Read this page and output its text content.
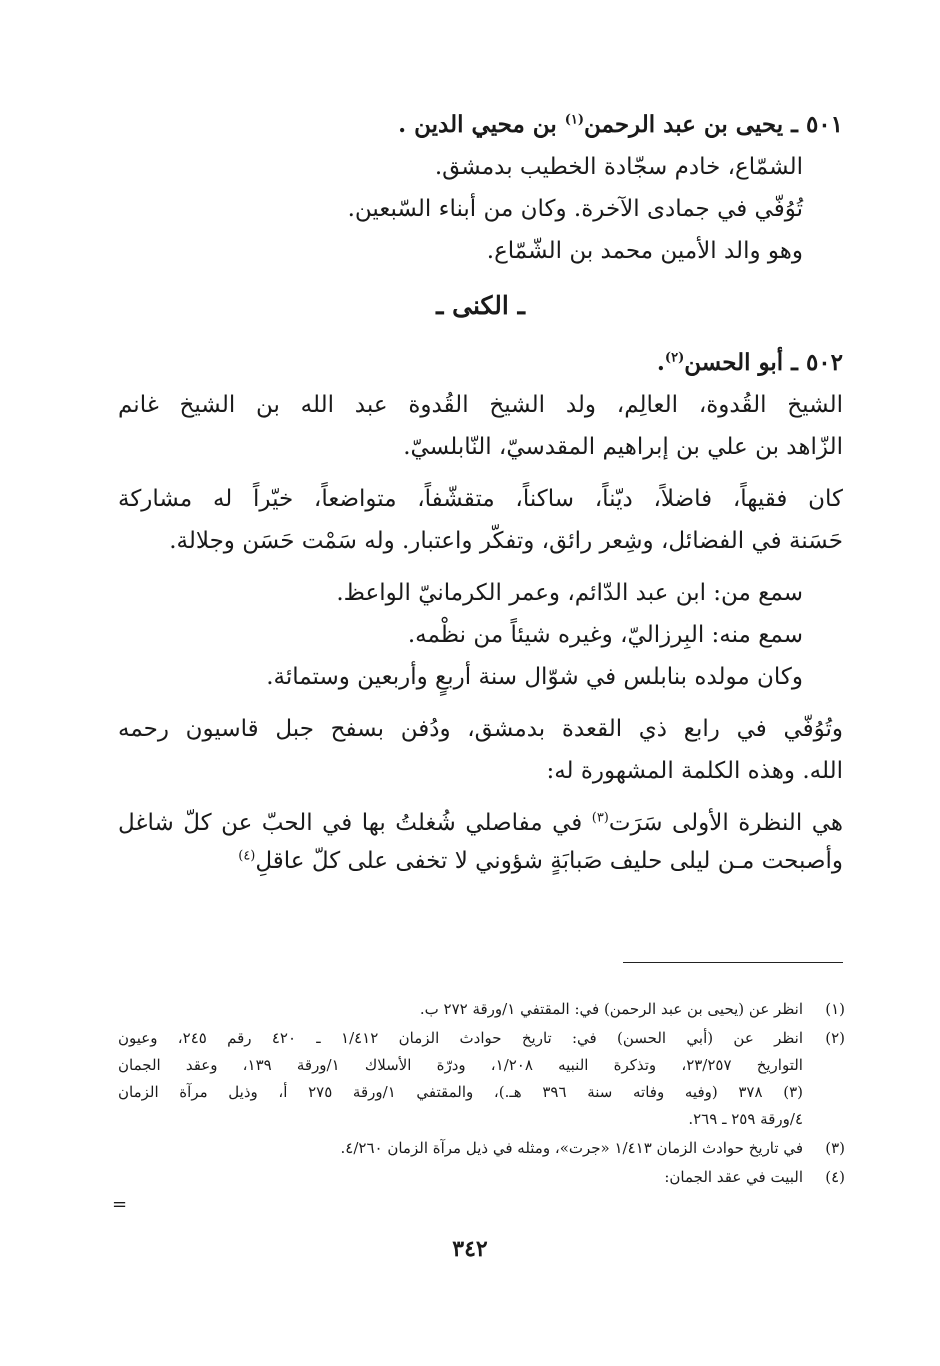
٥٠١ ـ يحيى بن عبد الرحمن$^{(١)}$ بن محيي الدين .
الشمّاع، خادم سجّادة الخطيب بدمشق.
تُوُفّي في جمادى الآخرة. وكان من أبناء السّبعين.
وهو والد الأمين محمد بن الشّمّاع.
ـ الكنى ـ
٥٠٢ ـ أبو الحسن$^{(٢)}$.
الشيخ القُدوة، العالِم، ولد الشيخ القُدوة عبد الله بن الشيخ غانم
الزّاهد بن علي بن إبراهيم المقدسيّ، النّابلسيّ.
كان فقيهاً، فاضلاً، ديّناً، ساكناً، متقشّفاً، متواضعاً، خيّراً له مشاركة
حَسَنة في الفضائل، وشِعر رائق، وتفكّر واعتبار. وله سَمْت حَسَن وجلالة.
سمع من: ابن عبد الدّائم، وعمر الكرمانيّ الواعظ.
سمع منه: البِرزاليّ، وغيره شيئاً من نظْمه.
وكان مولده بنابلس في شوّال سنة أربعٍ وأربعين وستمائة.
وتُوُفّي في رابع ذي القعدة بدمشق، ودُفن بسفح جبل قاسيون رحمه
الله. وهذه الكلمة المشهورة له:
هي النظرة الأولى سَرَت$^{(٣)}$ في مفاصلي شُغلتُ بها في الحبّ عن كلّ شاغل
وأصبحت مـن ليلى حليف صَبابَةٍ شؤوني لا تخفى على كلّ عاقلِ$^{(٤)}$
(١)
انظر عن (يحيى بن عبد الرحمن) في: المقتفي ١/ورقة ٢٧٢ ب.
(٢)
انظر عن (أبي الحسن) في: تاريخ حوادث الزمان ١/٤١٢ ـ ٤٢٠ رقم ٢٤٥، وعيون
التواريخ ٢٣/٢٥٧، وتذكرة النبيه ١/٢٠٨، ودرّة الأسلاك ١/ورقة ١٣٩، وعقد الجمان
(٣) ٣٧٨ (وفيه وفاته سنة ٣٩٦ هـ.)، والمقتفي ١/ورقة ٢٧٥ أ، وذيل مرآة الزمان
٤/ورقة ٢٥٩ ـ ٢٦٩.
(٣)
في تاريخ حوادث الزمان ١/٤١٣ «جرت»، ومثله في ذيل مرآة الزمان ٤/٢٦٠.
(٤)
البيت في عقد الجمان:
=
٣٤٢
